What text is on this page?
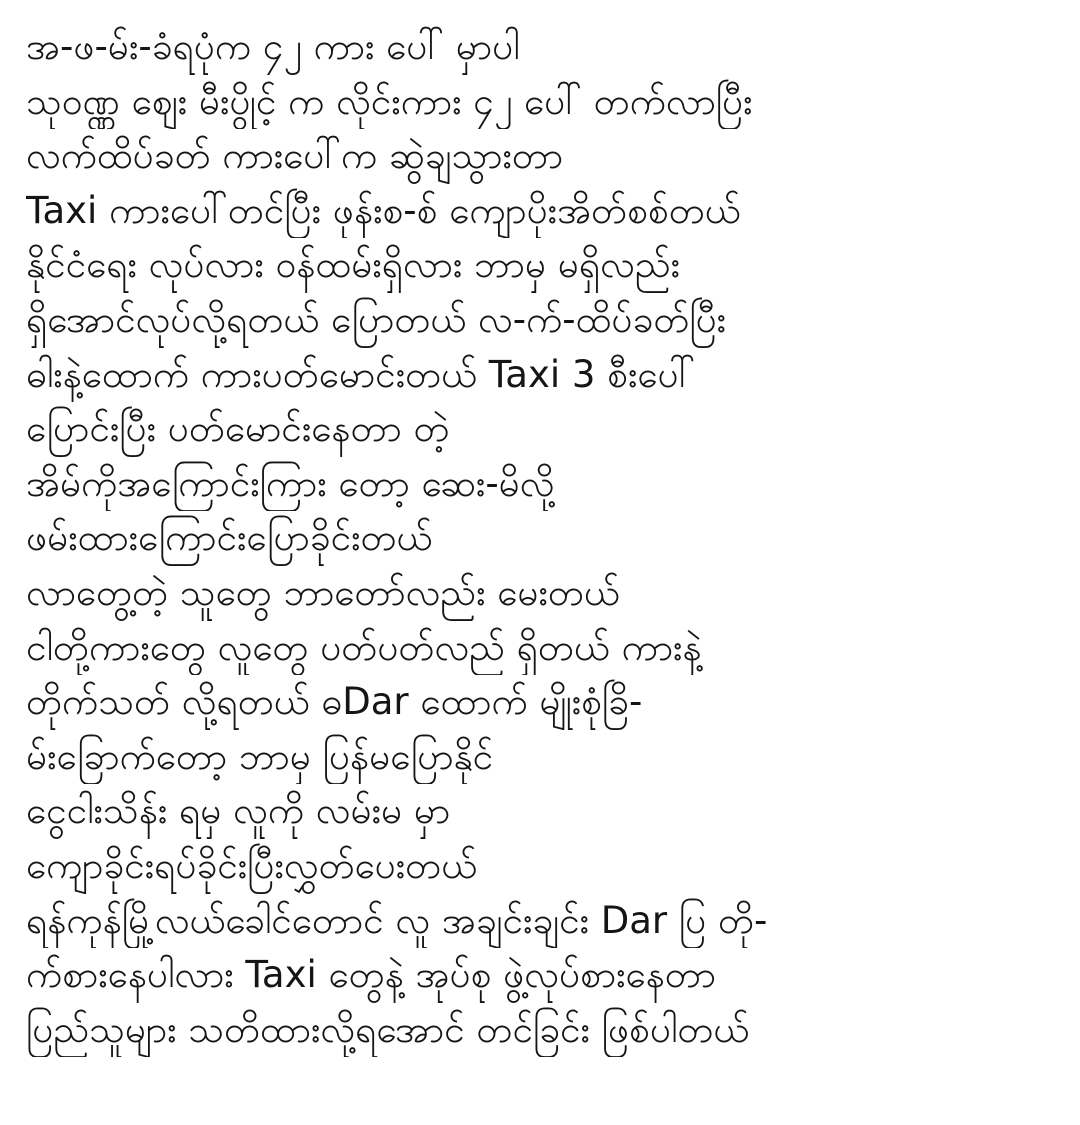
အ-ဖ-မ်း-ခံရပုံက ၄၂ ကား ပေါ် မှာပါ
သုဝဏ္ဏ ဈေး မီးပွိုင့် က လိုင်းကား ၄၂ ပေါ် တက်လာပြီး
လက်ထိပ်ခတ် ကားပေါ်က ဆွဲချသွားတာ
Taxi ကားပေါ်တင်ပြီး ဖုန်းစ-စ် ကျောပိုးအိတ်စစ်တယ်
နိုင်ငံရေး လုပ်လား ဝန်ထမ်းရှိလား ဘာမှ မရှိလည်း
ရှိအောင်လုပ်လို့ရတယ် ပြောတယ် လ-က်-ထိပ်ခတ်ပြီး
ဓါးနဲ့ထောက် ကားပတ်မောင်းတယ် Taxi 3 စီးပေါ်
ပြောင်းပြီး ပတ်မောင်းနေတာ တဲ့
အိမ်ကိုအကြောင်းကြား တော့ ဆေး-မိလို့
ဖမ်းထားကြောင်းပြောခိုင်းတယ်
လာတွေ့တဲ့ သူတွေ ဘာတော်လည်း မေးတယ်
ငါတို့ကားတွေ လူတွေ ပတ်ပတ်လည် ရှိတယ် ကားနဲ့
တိုက်သတ် လို့ရတယ် ဓDar ထောက် မျိုးစုံခြိ-
မ်းခြောက်တော့ ဘာမှ ပြန်မပြောနိုင်
ငွေငါးသိန်း ရမှ လူကို လမ်းမ မှာ
ကျောခိုင်းရပ်ခိုင်းပြီးလွှတ်ပေးတယ်
ရန်ကုန်မြို့လယ်ခေါင်တောင် လူ အချင်းချင်း Dar ပြ တို-
က်စားနေပါလား Taxi တွေနဲ့ အုပ်စု ဖွဲ့လုပ်စားနေတာ
ပြည်သူများ သတိထားလို့ရအောင် တင်ခြင်း ဖြစ်ပါတယ်
